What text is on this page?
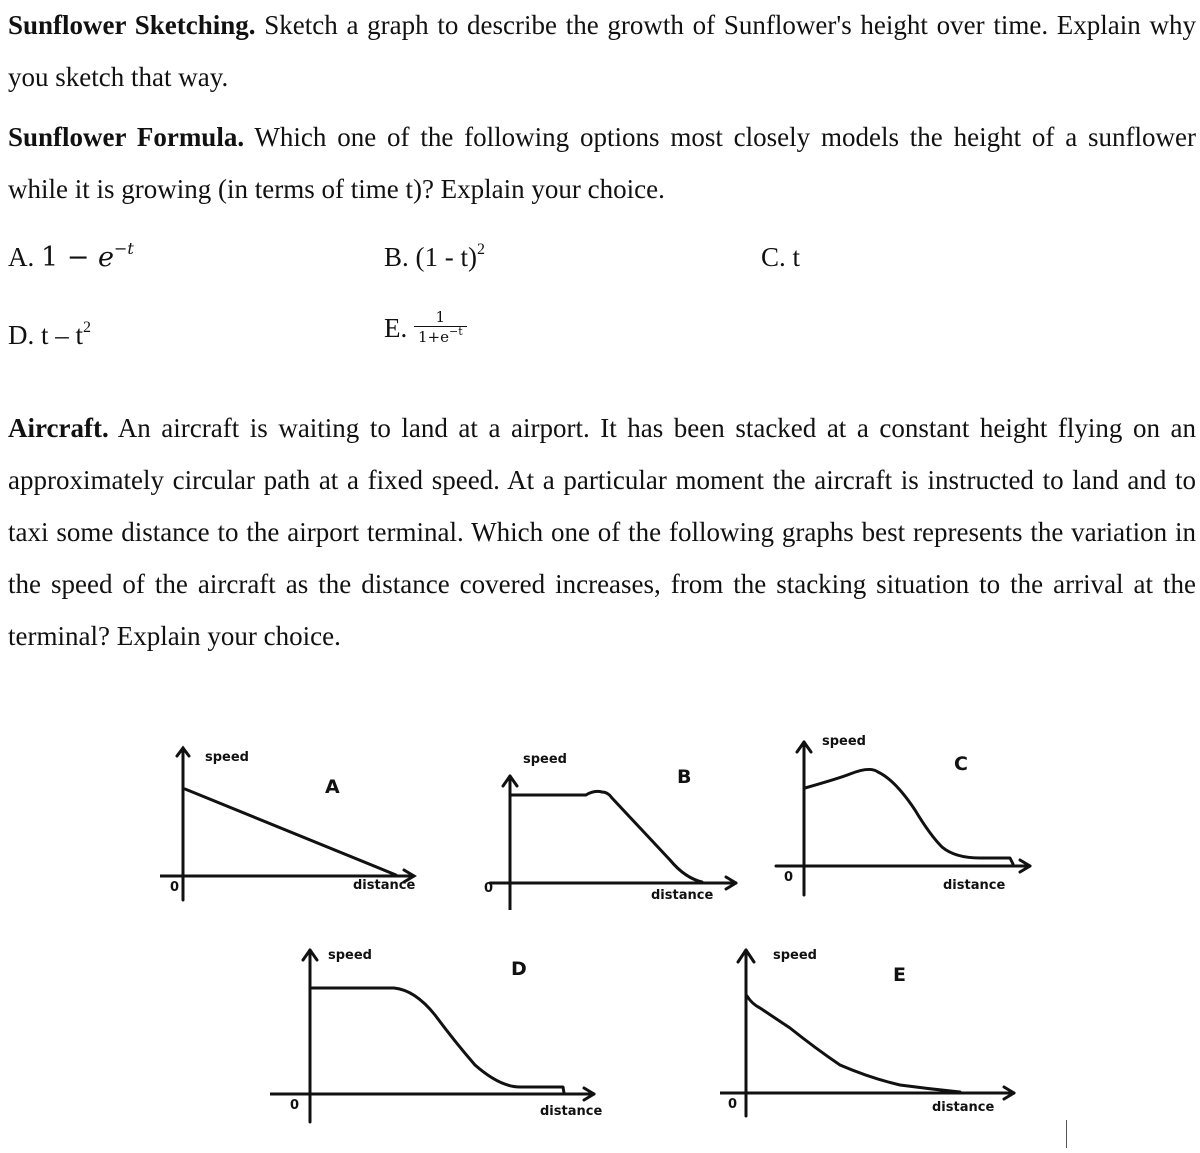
Sunflower Sketching. Sketch a graph to describe the growth of Sunflower's height over time. Explain why you sketch that way.
Sunflower Formula. Which one of the following options most closely models the height of a sunflower while it is growing (in terms of time t)? Explain your choice.
A. $1 - e^{-t}$	B. (1 - t)$^2$	C. t
D. t – $t^2$	E. $\frac{1}{1+e^{-t}}$
Aircraft. An aircraft is waiting to land at a airport. It has been stacked at a constant height flying on an approximately circular path at a fixed speed. At a particular moment the aircraft is instructed to land and to taxi some distance to the airport terminal. Which one of the following graphs best represents the variation in the speed of the aircraft as the distance covered increases, from the stacking situation to the arrival at the terminal? Explain your choice.
speed
A
0	distance
speed
B
0	distance
speed
C
0
distance
speed
D
0	distance
speed
E
0	distance
